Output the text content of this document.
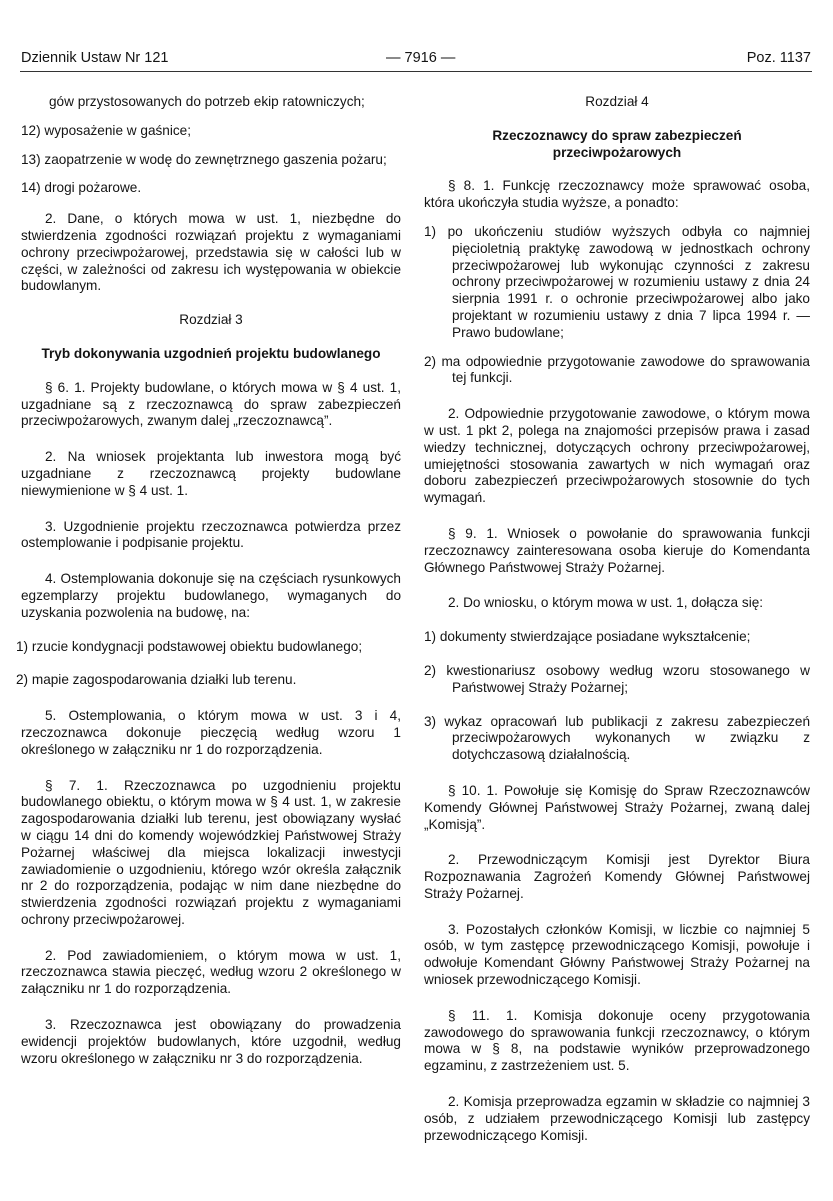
Dziennik Ustaw Nr 121	— 7916 —	Poz. 1137

gów przystosowanych do potrzeb ekip ratowniczych;

12) wyposażenie w gaśnice;

13) zaopatrzenie w wodę do zewnętrznego gaszenia pożaru;

14) drogi pożarowe.

2. Dane, o których mowa w ust. 1, niezbędne do stwierdzenia zgodności rozwiązań projektu z wymaganiami ochrony przeciwpożarowej, przedstawia się w całości lub w części, w zależności od zakresu ich występowania w obiekcie budowlanym.

Rozdział 3

Tryb dokonywania uzgodnień projektu budowlanego

§ 6. 1. Projekty budowlane, o których mowa w § 4 ust. 1, uzgadniane są z rzeczoznawcą do spraw zabezpieczeń przeciwpożarowych, zwanym dalej „rzeczoznawcą”.

2. Na wniosek projektanta lub inwestora mogą być uzgadniane z rzeczoznawcą projekty budowlane niewymienione w § 4 ust. 1.

3. Uzgodnienie projektu rzeczoznawca potwierdza przez ostemplowanie i podpisanie projektu.

4. Ostemplowania dokonuje się na częściach rysunkowych egzemplarzy projektu budowlanego, wymaganych do uzyskania pozwolenia na budowę, na:

1) rzucie kondygnacji podstawowej obiektu budowlanego;

2) mapie zagospodarowania działki lub terenu.

5. Ostemplowania, o którym mowa w ust. 3 i 4, rzeczoznawca dokonuje pieczęcią według wzoru 1 określonego w załączniku nr 1 do rozporządzenia.

§ 7. 1. Rzeczoznawca po uzgodnieniu projektu budowlanego obiektu, o którym mowa w § 4 ust. 1, w zakresie zagospodarowania działki lub terenu, jest obowiązany wysłać w ciągu 14 dni do komendy wojewódzkiej Państwowej Straży Pożarnej właściwej dla miejsca lokalizacji inwestycji zawiadomienie o uzgodnieniu, którego wzór określa załącznik nr 2 do rozporządzenia, podając w nim dane niezbędne do stwierdzenia zgodności rozwiązań projektu z wymaganiami ochrony przeciwpożarowej.

2. Pod zawiadomieniem, o którym mowa w ust. 1, rzeczoznawca stawia pieczęć, według wzoru 2 określonego w załączniku nr 1 do rozporządzenia.

3. Rzeczoznawca jest obowiązany do prowadzenia ewidencji projektów budowlanych, które uzgodnił, według wzoru określonego w załączniku nr 3 do rozporządzenia.

Rozdział 4

Rzeczoznawcy do spraw zabezpieczeń przeciwpożarowych

§ 8. 1. Funkcję rzeczoznawcy może sprawować osoba, która ukończyła studia wyższe, a ponadto:

1) po ukończeniu studiów wyższych odbyła co najmniej pięcioletnią praktykę zawodową w jednostkach ochrony przeciwpożarowej lub wykonując czynności z zakresu ochrony przeciwpożarowej w rozumieniu ustawy z dnia 24 sierpnia 1991 r. o ochronie przeciwpożarowej albo jako projektant w rozumieniu ustawy z dnia 7 lipca 1994 r. — Prawo budowlane;

2) ma odpowiednie przygotowanie zawodowe do sprawowania tej funkcji.

2. Odpowiednie przygotowanie zawodowe, o którym mowa w ust. 1 pkt 2, polega na znajomości przepisów prawa i zasad wiedzy technicznej, dotyczących ochrony przeciwpożarowej, umiejętności stosowania zawartych w nich wymagań oraz doboru zabezpieczeń przeciwpożarowych stosownie do tych wymagań.

§ 9. 1. Wniosek o powołanie do sprawowania funkcji rzeczoznawcy zainteresowana osoba kieruje do Komendanta Głównego Państwowej Straży Pożarnej.

2. Do wniosku, o którym mowa w ust. 1, dołącza się:

1) dokumenty stwierdzające posiadane wykształcenie;

2) kwestionariusz osobowy według wzoru stosowanego w Państwowej Straży Pożarnej;

3) wykaz opracowań lub publikacji z zakresu zabezpieczeń przeciwpożarowych wykonanych w związku z dotychczasową działalnością.

§ 10. 1. Powołuje się Komisję do Spraw Rzeczoznawców Komendy Głównej Państwowej Straży Pożarnej, zwaną dalej „Komisją”.

2. Przewodniczącym Komisji jest Dyrektor Biura Rozpoznawania Zagrożeń Komendy Głównej Państwowej Straży Pożarnej.

3. Pozostałych członków Komisji, w liczbie co najmniej 5 osób, w tym zastępcę przewodniczącego Komisji, powołuje i odwołuje Komendant Główny Państwowej Straży Pożarnej na wniosek przewodniczącego Komisji.

§ 11. 1. Komisja dokonuje oceny przygotowania zawodowego do sprawowania funkcji rzeczoznawcy, o którym mowa w § 8, na podstawie wyników przeprowadzonego egzaminu, z zastrzeżeniem ust. 5.

2. Komisja przeprowadza egzamin w składzie co najmniej 3 osób, z udziałem przewodniczącego Komisji lub zastępcy przewodniczącego Komisji.
